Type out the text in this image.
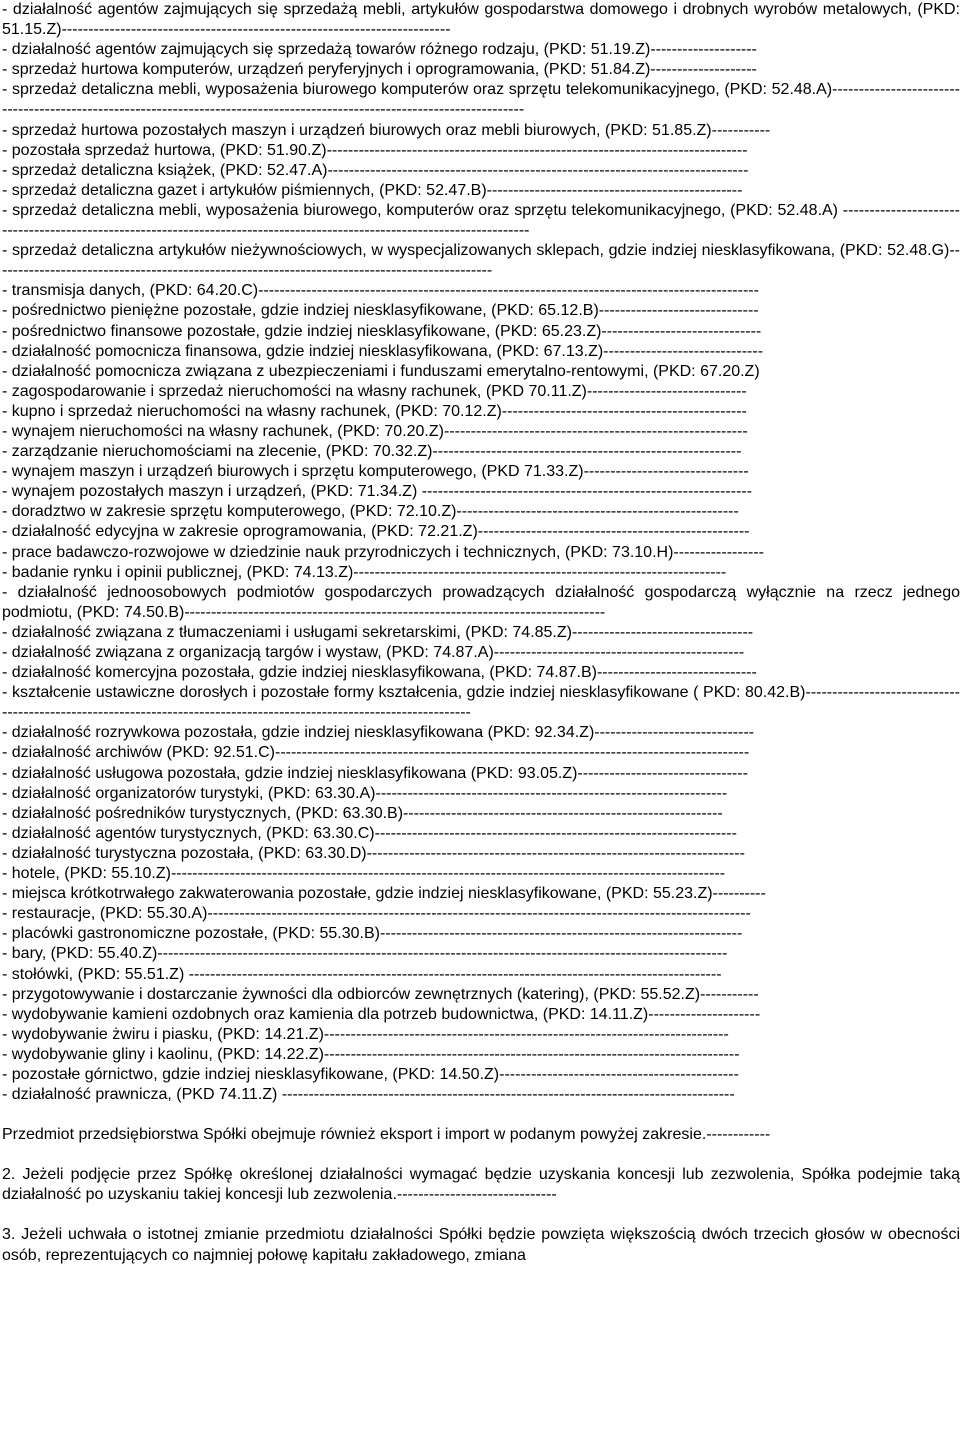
- działalność agentów zajmujących się sprzedażą mebli, artykułów gospodarstwa domowego i drobnych wyrobów metalowych, (PKD: 51.15.Z)-------------------------------------------------------------------------

- działalność agentów zajmujących się sprzedażą towarów różnego rodzaju, (PKD: 51.19.Z)--------------------

- sprzedaż hurtowa komputerów, urządzeń peryferyjnych i oprogramowania, (PKD: 51.84.Z)--------------------

- sprzedaż detaliczna mebli, wyposażenia biurowego komputerów oraz sprzętu telekomunikacyjnego, (PKD: 52.48.A)--------------------------------------------------------------------------------------------------------------------------

- sprzedaż hurtowa pozostałych maszyn i urządzeń biurowych oraz mebli biurowych, (PKD: 51.85.Z)-----------

- pozostała sprzedaż hurtowa, (PKD: 51.90.Z)-------------------------------------------------------------------------------

- sprzedaż detaliczna książek, (PKD: 52.47.A)-------------------------------------------------------------------------------

- sprzedaż detaliczna gazet i artykułów piśmiennych, (PKD: 52.47.B)------------------------------------------------

- sprzedaż detaliczna mebli, wyposażenia biurowego, komputerów oraz sprzętu telekomunikacyjnego, (PKD: 52.48.A) -------------------------------------------------------------------------------------------------------------------------

- sprzedaż detaliczna artykułów nieżywnościowych, w wyspecjalizowanych sklepach, gdzie indziej niesklasyfikowana, (PKD: 52.48.G)----------------------------------------------------------------------------------------------

- transmisja danych, (PKD: 64.20.C)----------------------------------------------------------------------------------------------

- pośrednictwo pieniężne pozostałe, gdzie indziej niesklasyfikowane, (PKD: 65.12.B)------------------------------

- pośrednictwo finansowe pozostałe, gdzie indziej niesklasyfikowane, (PKD: 65.23.Z)------------------------------

- działalność pomocnicza finansowa, gdzie indziej niesklasyfikowana, (PKD: 67.13.Z)------------------------------

- działalność pomocnicza związana z ubezpieczeniami i funduszami emerytalno-rentowymi, (PKD: 67.20.Z)

- zagospodarowanie i sprzedaż nieruchomości na własny rachunek, (PKD 70.11.Z)------------------------------

- kupno i sprzedaż nieruchomości na własny rachunek, (PKD: 70.12.Z)----------------------------------------------

- wynajem nieruchomości na własny rachunek, (PKD: 70.20.Z)---------------------------------------------------------

- zarządzanie nieruchomościami na zlecenie, (PKD: 70.32.Z)----------------------------------------------------------

- wynajem maszyn i urządzeń biurowych i sprzętu komputerowego, (PKD 71.33.Z)-------------------------------

- wynajem pozostałych maszyn i urządzeń, (PKD: 71.34.Z) --------------------------------------------------------------

- doradztwo w zakresie sprzętu komputerowego, (PKD: 72.10.Z)-----------------------------------------------------

- działalność edycyjna w zakresie oprogramowania, (PKD: 72.21.Z)---------------------------------------------------

- prace badawczo-rozwojowe w dziedzinie nauk przyrodniczych i technicznych, (PKD: 73.10.H)-----------------

- badanie rynku i opinii publicznej, (PKD: 74.13.Z)----------------------------------------------------------------------

- działalność jednoosobowych podmiotów gospodarczych prowadzących działalność gospodarczą wyłącznie na rzecz jednego podmiotu, (PKD: 74.50.B)-------------------------------------------------------------------------------

- działalność związana z tłumaczeniami i usługami sekretarskimi, (PKD: 74.85.Z)----------------------------------

- działalność związana z organizacją targów i wystaw, (PKD: 74.87.A)-----------------------------------------------

- działalność komercyjna pozostała, gdzie indziej niesklasyfikowana, (PKD: 74.87.B)------------------------------

- kształcenie ustawiczne dorosłych i pozostałe formy kształcenia, gdzie indziej niesklasyfikowane ( PKD: 80.42.B)---------------------------------------------------------------------------------------------------------------------

- działalność rozrywkowa pozostała, gdzie indziej niesklasyfikowana (PKD: 92.34.Z)------------------------------

- działalność archiwów (PKD: 92.51.C)-----------------------------------------------------------------------------------------

- działalność usługowa pozostała, gdzie indziej niesklasyfikowana (PKD: 93.05.Z)--------------------------------

- działalność organizatorów turystyki, (PKD: 63.30.A)------------------------------------------------------------------

- działalność pośredników turystycznych, (PKD: 63.30.B)------------------------------------------------------------

- działalność agentów turystycznych, (PKD: 63.30.C)--------------------------------------------------------------------

- działalność turystyczna pozostała, (PKD: 63.30.D)-----------------------------------------------------------------------

- hotele, (PKD: 55.10.Z)--------------------------------------------------------------------------------------------------------

- miejsca krótkotrwałego zakwaterowania pozostałe, gdzie indziej niesklasyfikowane, (PKD: 55.23.Z)----------

- restauracje, (PKD: 55.30.A)------------------------------------------------------------------------------------------------------

- placówki gastronomiczne pozostałe, (PKD: 55.30.B)--------------------------------------------------------------------

- bary, (PKD: 55.40.Z)-----------------------------------------------------------------------------------------------------------

- stołówki, (PKD: 55.51.Z) ----------------------------------------------------------------------------------------------------

- przygotowywanie i dostarczanie żywności dla odbiorców zewnętrznych (katering), (PKD: 55.52.Z)-----------

- wydobywanie kamieni ozdobnych oraz kamienia dla potrzeb budownictwa, (PKD: 14.11.Z)---------------------

- wydobywanie żwiru i piasku, (PKD: 14.21.Z)----------------------------------------------------------------------------

- wydobywanie gliny i kaolinu, (PKD: 14.22.Z)------------------------------------------------------------------------------

- pozostałe górnictwo, gdzie indziej niesklasyfikowane, (PKD: 14.50.Z)---------------------------------------------

- działalność prawnicza, (PKD 74.11.Z) -------------------------------------------------------------------------------------

Przedmiot przedsiębiorstwa Spółki obejmuje również eksport i import w podanym powyżej zakresie.------------

2. Jeżeli podjęcie przez Spółkę określonej działalności wymagać będzie uzyskania koncesji lub zezwolenia, Spółka podejmie taką działalność po uzyskaniu takiej koncesji lub zezwolenia.------------------------------

3. Jeżeli uchwała o istotnej zmianie przedmiotu działalności Spółki będzie powzięta większością dwóch trzecich głosów w obecności osób, reprezentujących co najmniej połowę kapitału zakładowego, zmiana
